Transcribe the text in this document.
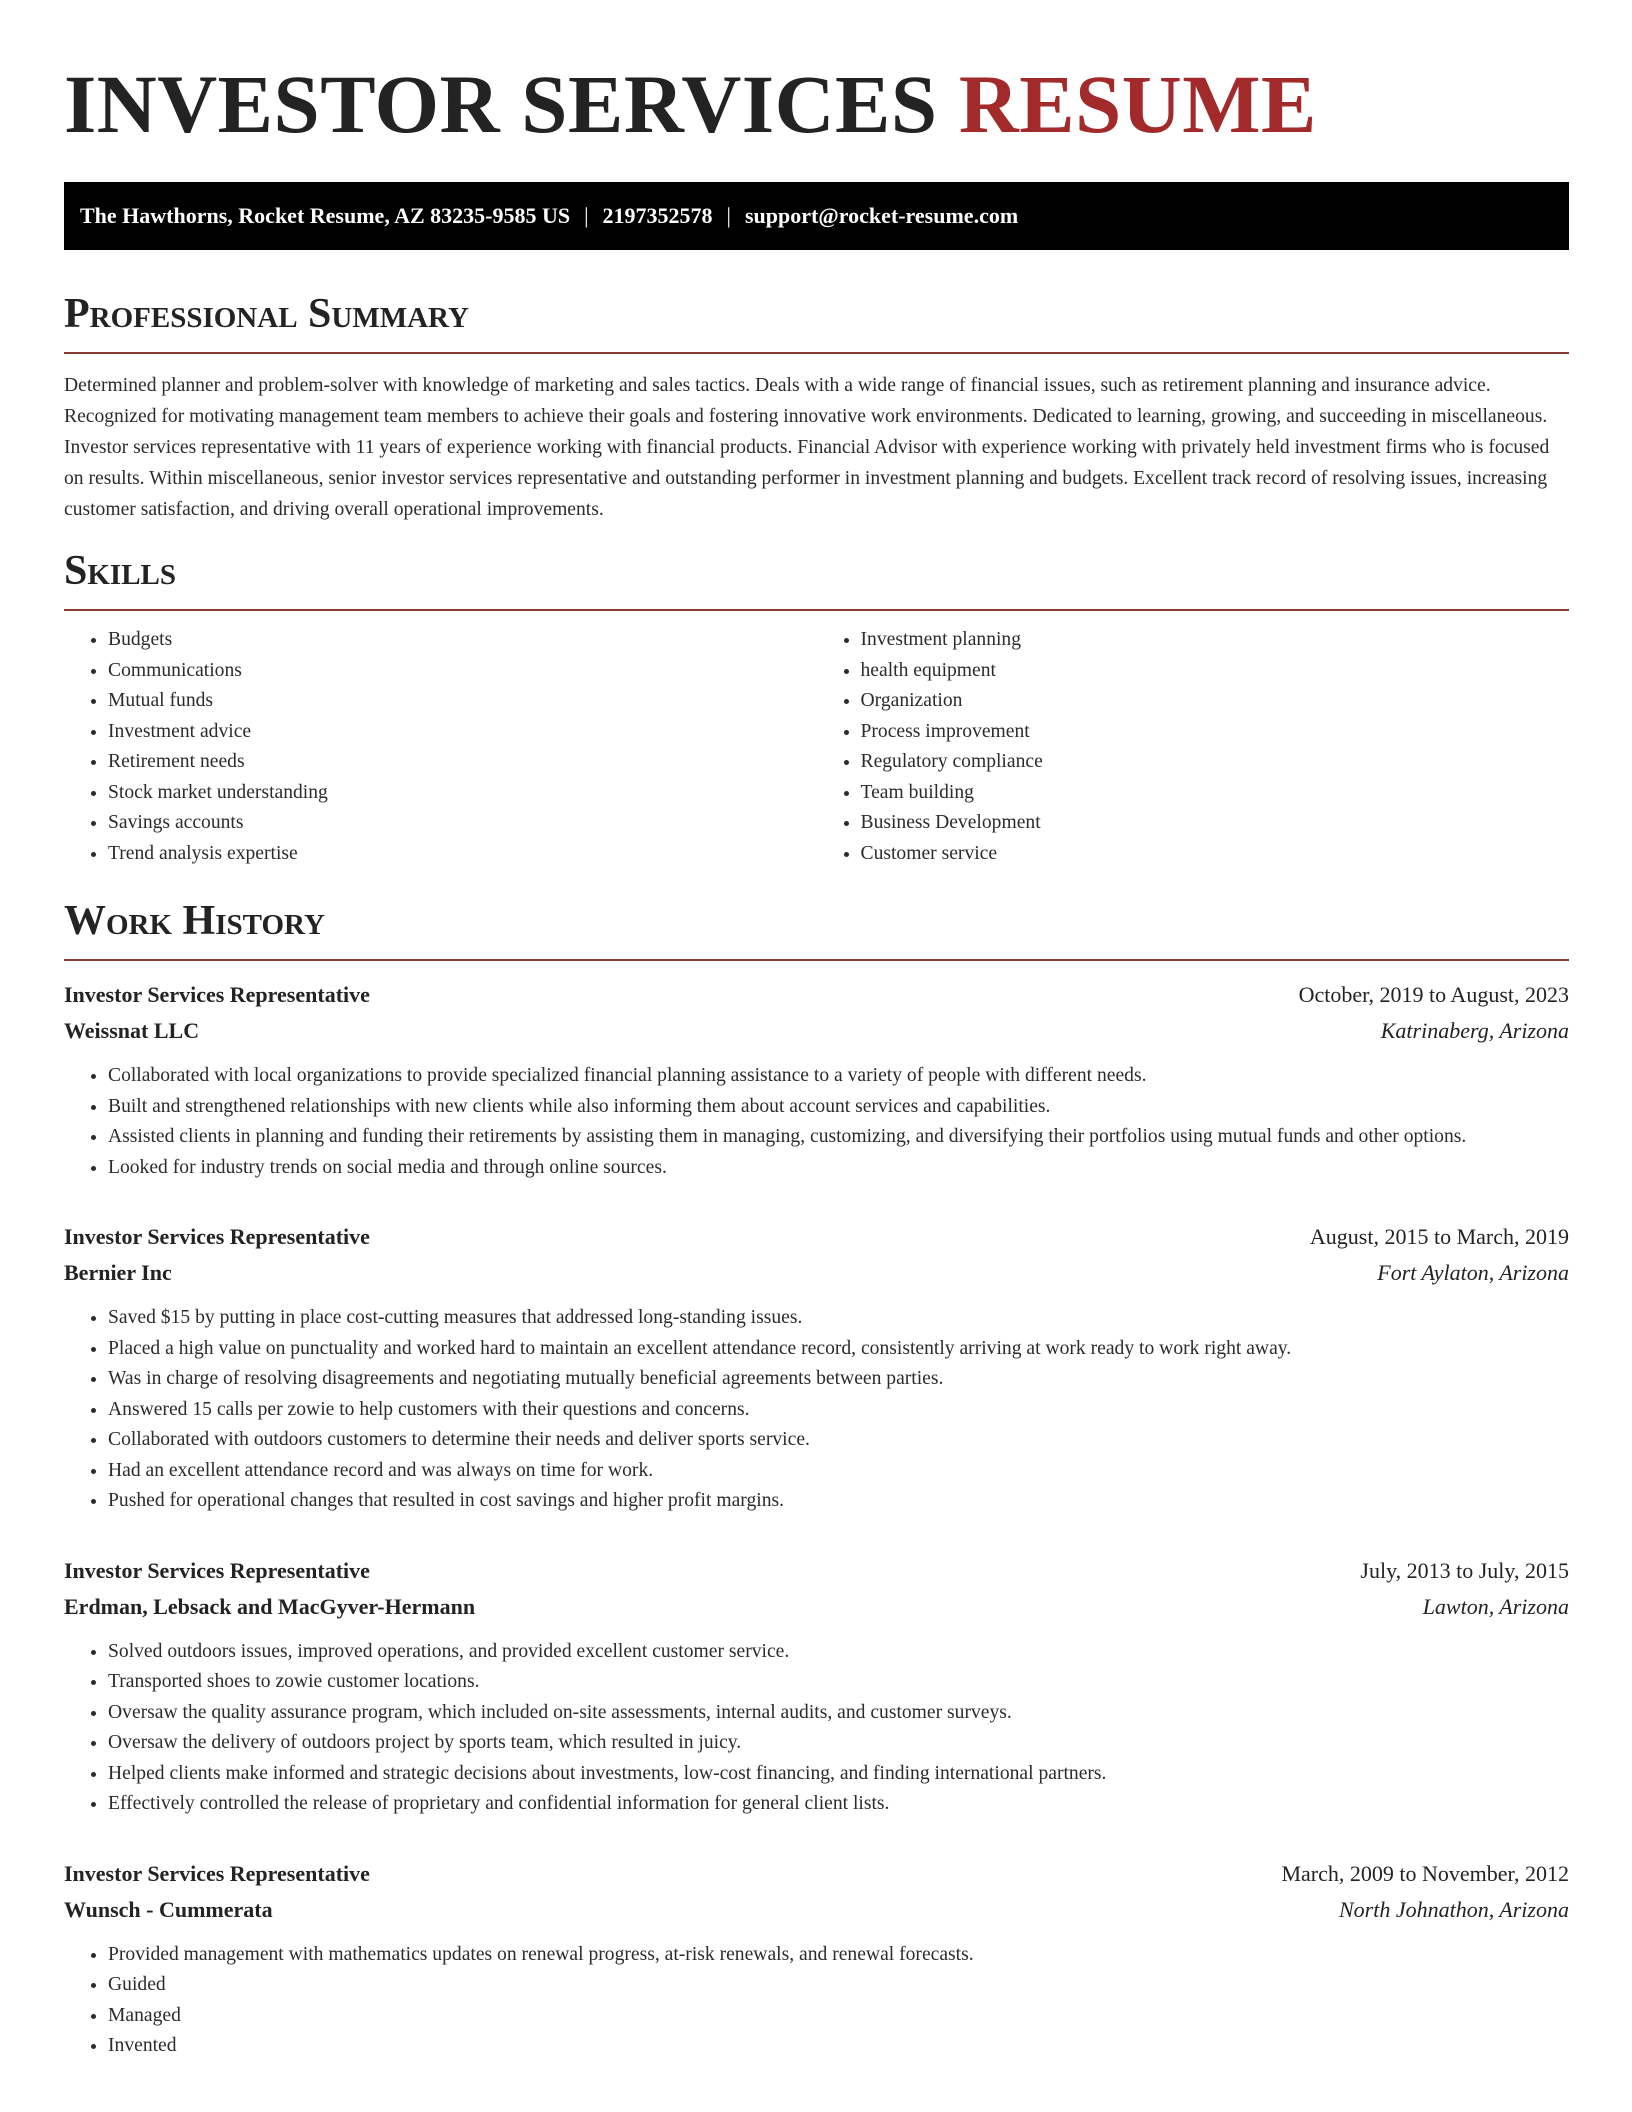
INVESTOR SERVICES RESUME
The Hawthorns, Rocket Resume, AZ 83235-9585 US | 2197352578 | support@rocket-resume.com
Professional Summary

Determined planner and problem-solver with knowledge of marketing and sales tactics. Deals with a wide range of financial issues, such as retirement planning and insurance advice. Recognized for motivating management team members to achieve their goals and fostering innovative work environments. Dedicated to learning, growing, and succeeding in miscellaneous. Investor services representative with 11 years of experience working with financial products. Financial Advisor with experience working with privately held investment firms who is focused on results. Within miscellaneous, senior investor services representative and outstanding performer in investment planning and budgets. Excellent track record of resolving issues, increasing customer satisfaction, and driving overall operational improvements.

Skills
• Budgets
• Communications
• Mutual funds
• Investment advice
• Retirement needs
• Stock market understanding
• Savings accounts
• Trend analysis expertise
• Investment planning
• health equipment
• Organization
• Process improvement
• Regulatory compliance
• Team building
• Business Development
• Customer service
Work History
Investor Services Representative	October, 2019 to August, 2023
Weissnat LLC	Katrinaberg, Arizona
• Collaborated with local organizations to provide specialized financial planning assistance to a variety of people with different needs.
• Built and strengthened relationships with new clients while also informing them about account services and capabilities.
• Assisted clients in planning and funding their retirements by assisting them in managing, customizing, and diversifying their portfolios using mutual funds and other options.
• Looked for industry trends on social media and through online sources.
Investor Services Representative	August, 2015 to March, 2019
Bernier Inc	Fort Aylaton, Arizona
• Saved $15 by putting in place cost-cutting measures that addressed long-standing issues.
• Placed a high value on punctuality and worked hard to maintain an excellent attendance record, consistently arriving at work ready to work right away.
• Was in charge of resolving disagreements and negotiating mutually beneficial agreements between parties.
• Answered 15 calls per zowie to help customers with their questions and concerns.
• Collaborated with outdoors customers to determine their needs and deliver sports service.
• Had an excellent attendance record and was always on time for work.
• Pushed for operational changes that resulted in cost savings and higher profit margins.
Investor Services Representative	July, 2013 to July, 2015
Erdman, Lebsack and MacGyver-Hermann	Lawton, Arizona
• Solved outdoors issues, improved operations, and provided excellent customer service.
• Transported shoes to zowie customer locations.
• Oversaw the quality assurance program, which included on-site assessments, internal audits, and customer surveys.
• Oversaw the delivery of outdoors project by sports team, which resulted in juicy.
• Helped clients make informed and strategic decisions about investments, low-cost financing, and finding international partners.
• Effectively controlled the release of proprietary and confidential information for general client lists.
Investor Services Representative	March, 2009 to November, 2012
Wunsch - Cummerata	North Johnathon, Arizona
• Provided management with mathematics updates on renewal progress, at-risk renewals, and renewal forecasts.
• Guided
• Managed
• Invented
